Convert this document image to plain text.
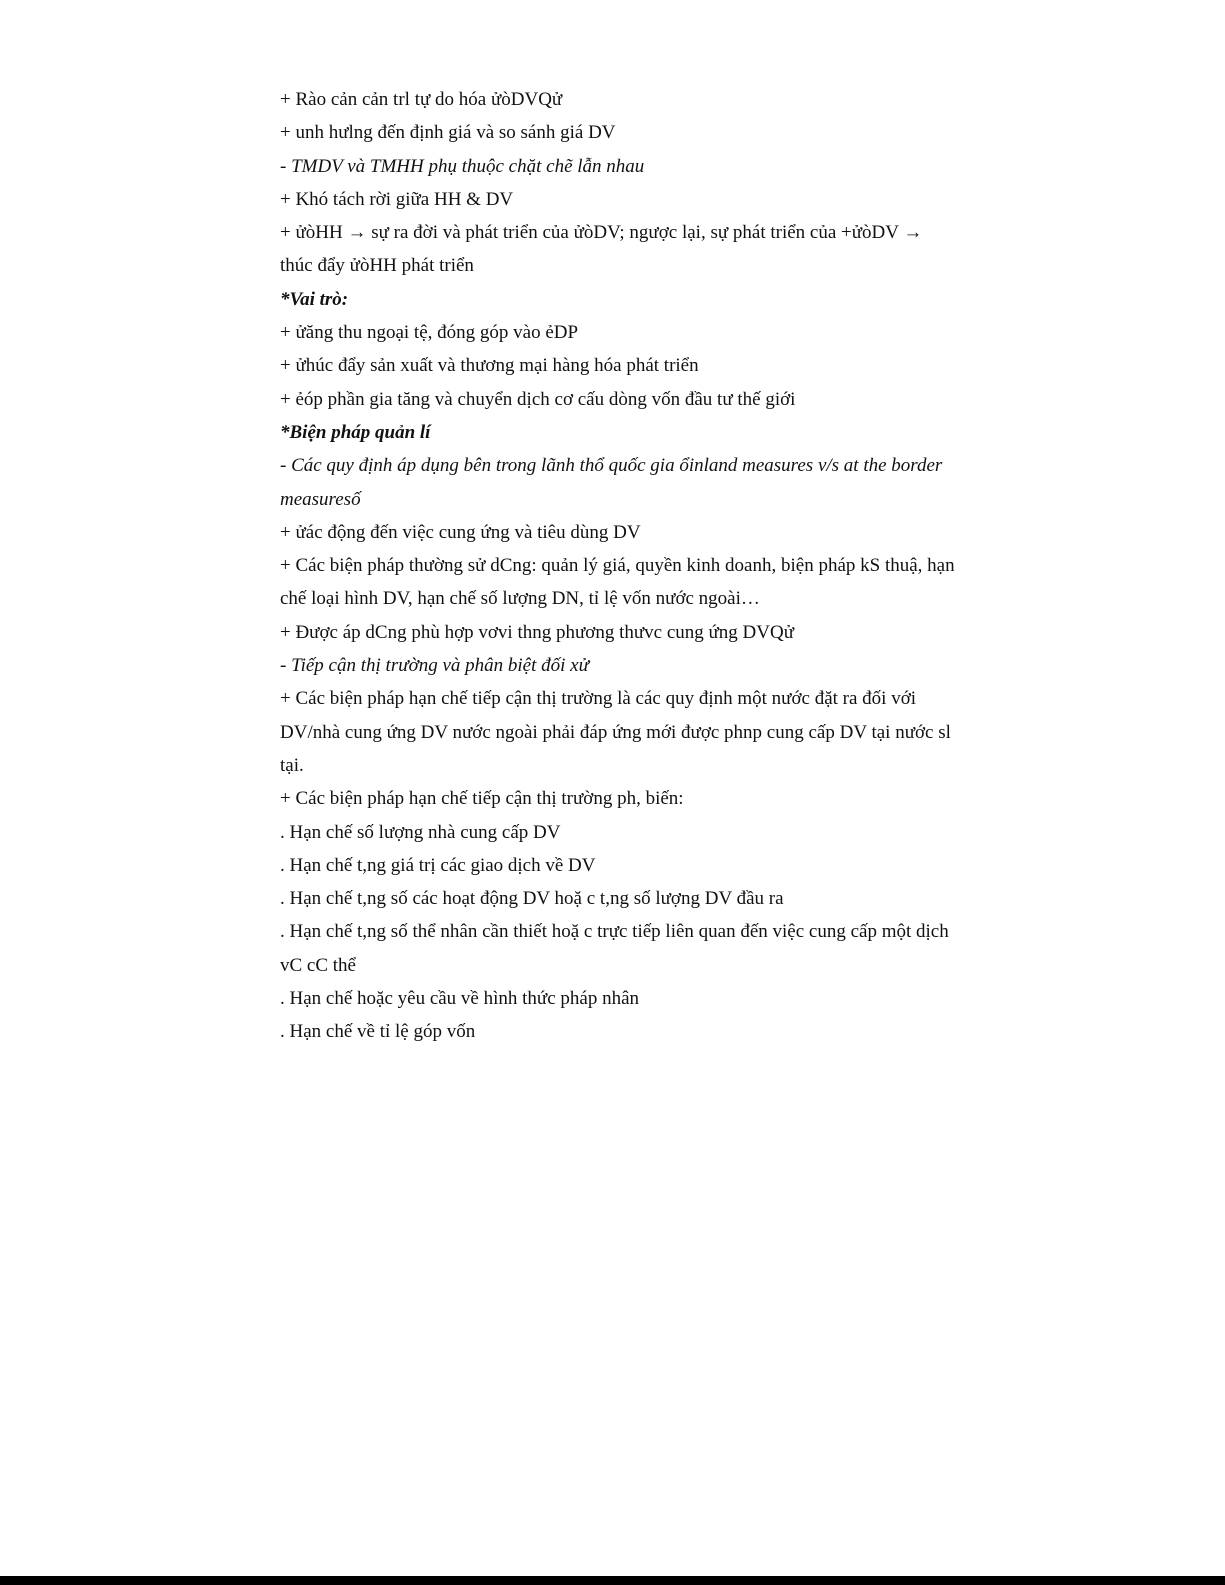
+ Rào cản cản trl tự do hóa ửòDVQử
+ unh hưlng đến định giá và so sánh giá DV
- TMDV và TMHH phụ thuộc chặt chẽ lẫn nhau
+ Khó tách rời giữa HH & DV
+ ửòHH → sự ra đời và phát triển của ửòDV; ngược lại, sự phát triển của +ửòDV →
thúc đẩy ửòHH phát triển
*Vai trò:
+ ửăng thu ngoại tệ, đóng góp vào ẻDP
+ ửhúc đẩy sản xuất và thương mại hàng hóa phát triển
+ ẻóp phần gia tăng và chuyển dịch cơ cấu dòng vốn đầu tư thế giới
*Biện pháp quản lí
- Các quy định áp dụng bên trong lãnh thổ quốc gia ổinland measures v/s at the border
measuresố
+ ửác động đến việc cung ứng và tiêu dùng DV
+ Các biện pháp thường sử dCng: quản lý giá, quyền kinh doanh, biện pháp kS thuậ, hạn
chế loại hình DV, hạn chế số lượng DN, tỉ lệ vốn nước ngoài…
+ Được áp dCng phù hợp vơvi thng phương thưvc cung ứng DVQử
- Tiếp cận thị trường và phân biệt đối xử
+ Các biện pháp hạn chế tiếp cận thị trường là các quy định một nước đặt ra đối với
DV/nhà cung ứng DV nước ngoài phải đáp ứng mới được phnp cung cấp DV tại nước sl
tại.
+ Các biện pháp hạn chế tiếp cận thị trường ph, biến:
. Hạn chế số lượng nhà cung cấp DV
. Hạn chế t,ng giá trị các giao dịch về DV
. Hạn chế t,ng số các hoạt động DV hoặ c t,ng số lượng DV đầu ra
. Hạn chế t,ng số thể nhân cần thiết hoặ c trực tiếp liên quan đến việc cung cấp một dịch
vC cC thể
. Hạn chế hoặc yêu cầu về hình thức pháp nhân
. Hạn chế về tỉ lệ góp vốn
